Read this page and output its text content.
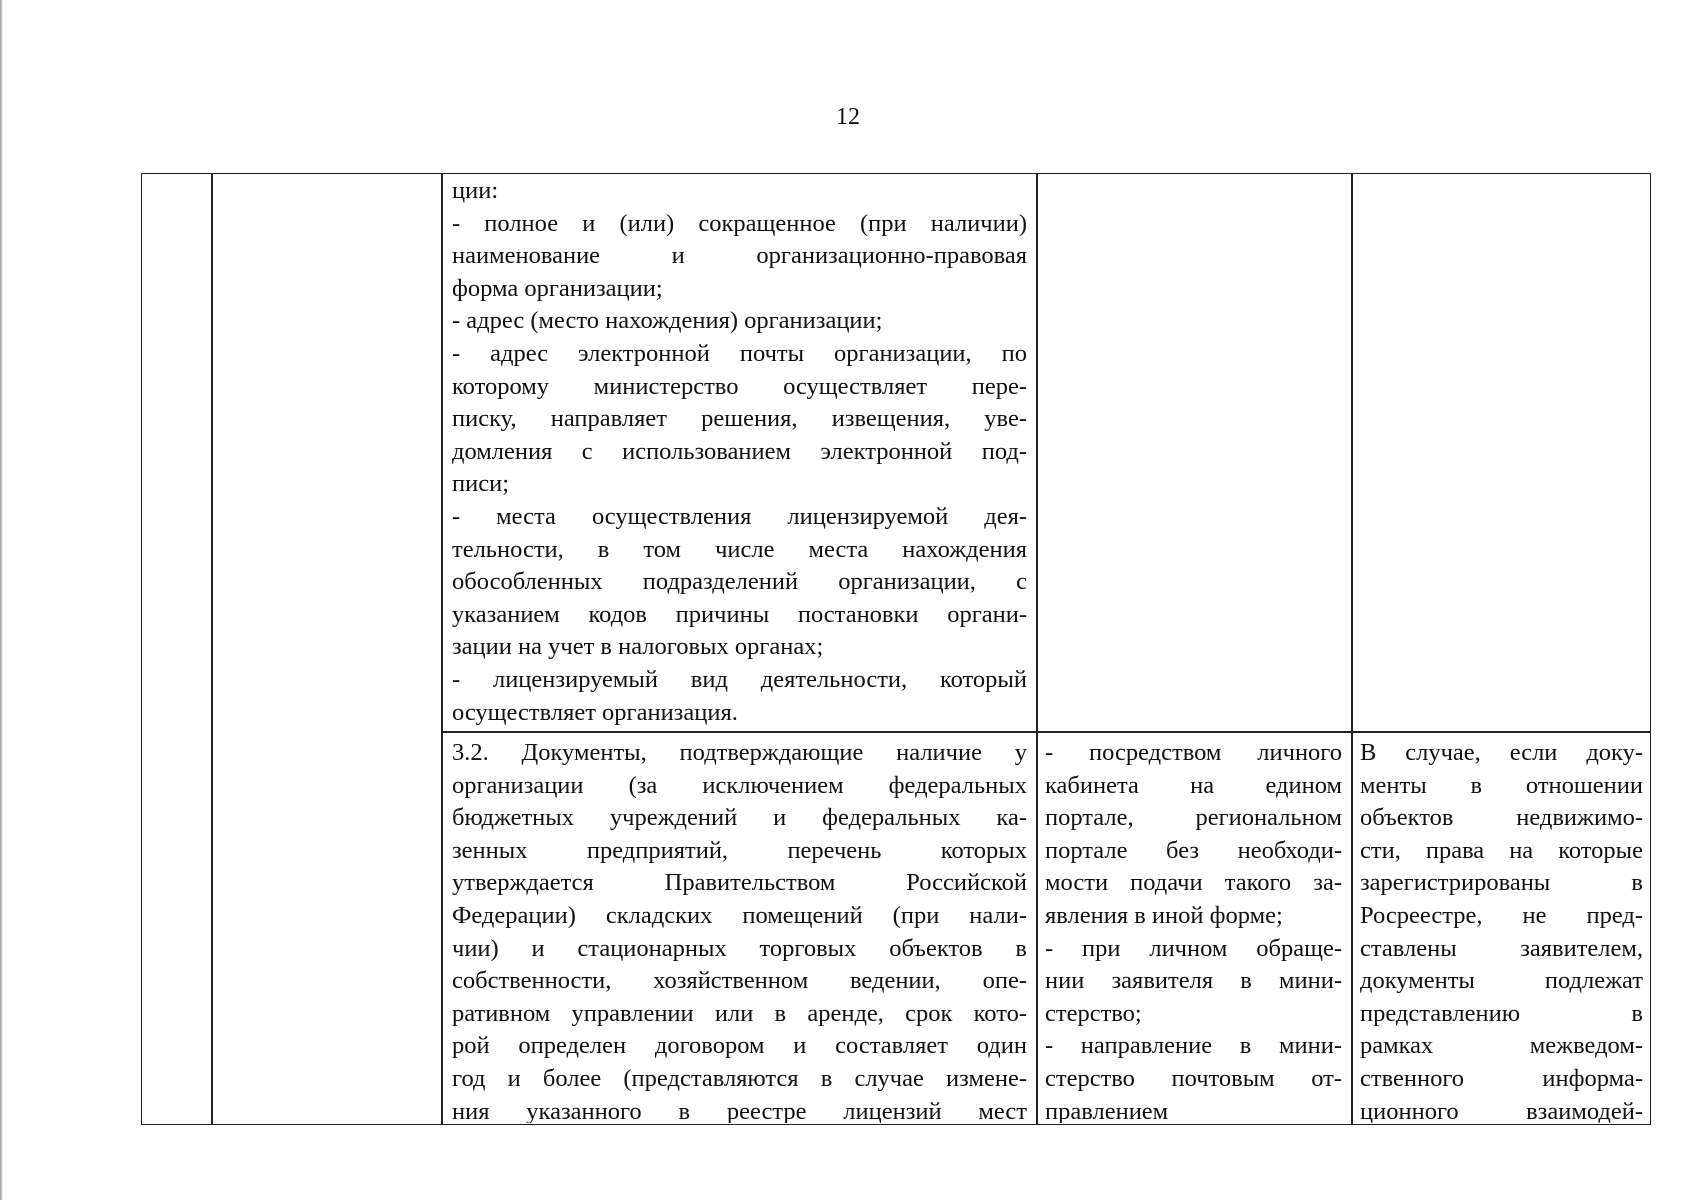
12
ции:
- полное и (или) сокращенное (при наличии)
наименование и организационно-правовая
форма организации;
- адрес (место нахождения) организации;
- адрес электронной почты организации, по
которому министерство осуществляет пере-
писку, направляет решения, извещения, уве-
домления с использованием электронной под-
писи;
- места осуществления лицензируемой дея-
тельности, в том числе места нахождения
обособленных подразделений организации, с
указанием кодов причины постановки органи-
зации на учет в налоговых органах;
- лицензируемый вид деятельности, который
осуществляет организация.
3.2. Документы, подтверждающие наличие у
организации (за исключением федеральных
бюджетных учреждений и федеральных ка-
зенных предприятий, перечень которых
утверждается Правительством Российской
Федерации) складских помещений (при нали-
чии) и стационарных торговых объектов в
собственности, хозяйственном ведении, опе-
ративном управлении или в аренде, срок кото-
рой определен договором и составляет один
год и более (представляются в случае измене-
ния указанного в реестре лицензий мест
- посредством личного
кабинета на едином
портале, региональном
портале без необходи-
мости подачи такого за-
явления в иной форме;
- при личном обраще-
нии заявителя в мини-
стерство;
- направление в мини-
стерство почтовым от-
правлением
В случае, если доку-
менты в отношении
объектов недвижимо-
сти, права на которые
зарегистрированы в
Росреестре, не пред-
ставлены заявителем,
документы подлежат
представлению в
рамках межведом-
ственного информа-
ционного взаимодей-
